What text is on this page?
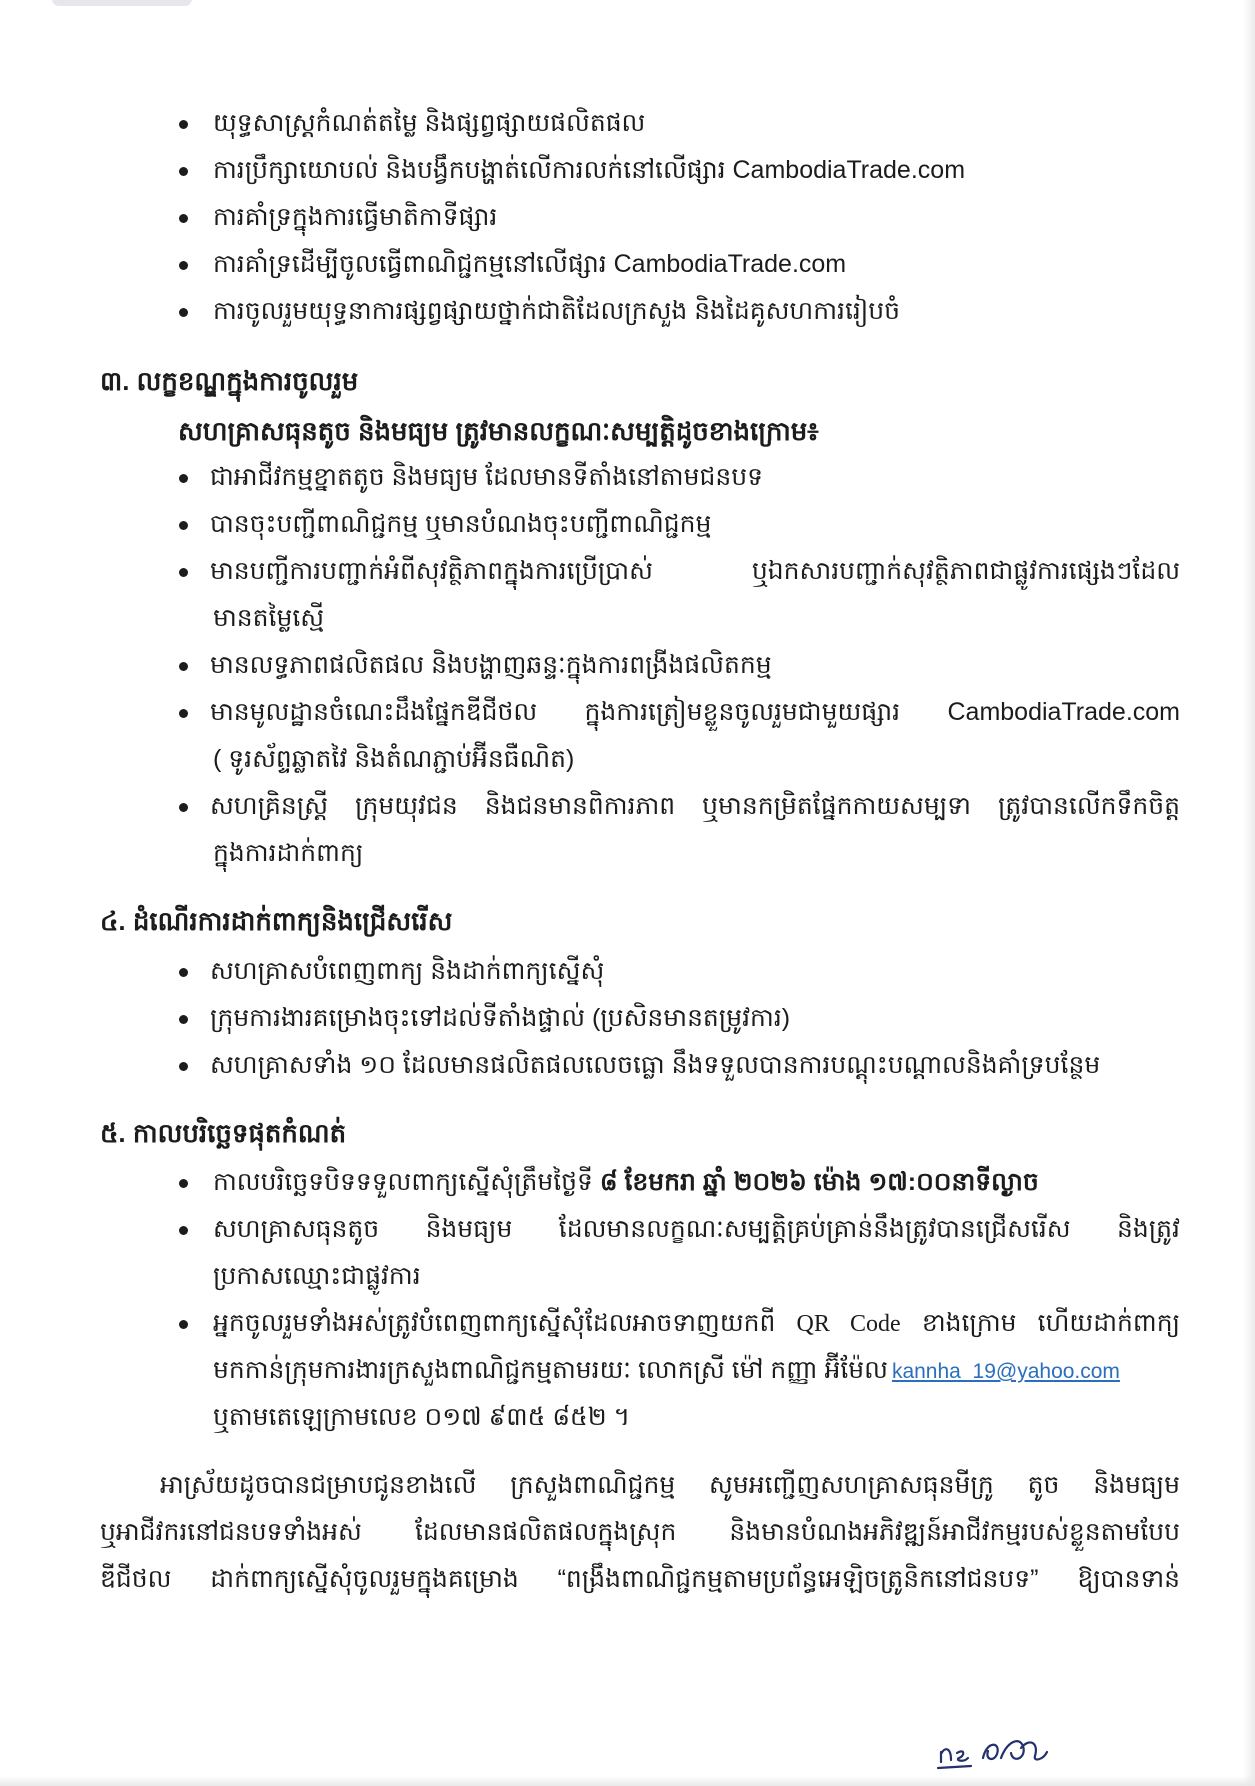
យុទ្ធសាស្ត្រកំណត់តម្លៃ និងផ្សព្វផ្សាយផលិតផល
ការប្រឹក្សាយោបល់ និងបង្វឹកបង្ហាត់លើការលក់នៅលើផ្សារ CambodiaTrade.com
ការគាំទ្រក្នុងការធ្វើមាតិកាទីផ្សារ
ការគាំទ្រដើម្បីចូលធ្វើពាណិជ្ជកម្មនៅលើផ្សារ CambodiaTrade.com
ការចូលរួមយុទ្ធនាការផ្សព្វផ្សាយថ្នាក់ជាតិដែលក្រសួង និងដៃគូសហការរៀបចំ
៣. លក្ខខណ្ឌក្នុងការចូលរួម
សហគ្រាសធុនតូច និងមធ្យម ត្រូវមានលក្ខណៈសម្បត្តិដូចខាងក្រោម៖
ជាអាជីវកម្មខ្នាតតូច និងមធ្យម ដែលមានទីតាំងនៅតាមជនបទ
បានចុះបញ្ជីពាណិជ្ជកម្ម ឬមានបំណងចុះបញ្ជីពាណិជ្ជកម្ម
មានបញ្ជីការបញ្ជាក់អំពីសុវត្ថិភាពក្នុងការប្រើប្រាស់ ឬឯកសារបញ្ជាក់សុវត្ថិភាពជាផ្លូវការផ្សេងៗដែល
មានតម្លៃស្មើ
មានលទ្ធភាពផលិតផល និងបង្ហាញឆន្ទៈក្នុងការពង្រីងផលិតកម្ម
មានមូលដ្ឋានចំណេះដឹងផ្នែកឌីជីថល ក្នុងការត្រៀមខ្លួនចូលរួមជាមួយផ្សារ CambodiaTrade.com
( ទូរស័ព្ទឆ្លាតវៃ និងតំណភ្ជាប់អ៊ីនធឺណិត)
សហគ្រិនស្ត្រី ក្រុមយុវជន និងជនមានពិការភាព ឬមានកម្រិតផ្នែកកាយសម្បទា ត្រូវបានលើកទឹកចិត្ត
ក្នុងការដាក់ពាក្យ
៤. ដំណើរការដាក់ពាក្យនិងជ្រើសរើស
សហគ្រាសបំពេញពាក្យ និងដាក់ពាក្យស្នើសុំ
ក្រុមការងារគម្រោងចុះទៅដល់ទីតាំងផ្ទាល់ (ប្រសិនមានតម្រូវការ)
សហគ្រាសទាំង ១០ ដែលមានផលិតផលលេចធ្លោ នឹងទទួលបានការបណ្តុះបណ្តាលនិងគាំទ្របន្ថែម
៥. កាលបរិច្ឆេទផុតកំណត់
កាលបរិច្ឆេទបិទទទួលពាក្យស្នើសុំត្រឹមថ្ងៃទី ៨ ខែមករា ឆ្នាំ ២០២៦ ម៉ោង ១៧:០០នាទីល្ងាច
សហគ្រាសធុនតូច និងមធ្យម ដែលមានលក្ខណៈសម្បត្តិគ្រប់គ្រាន់នឹងត្រូវបានជ្រើសរើស និងត្រូវ
ប្រកាសឈ្មោះជាផ្លូវការ
អ្នកចូលរួមទាំងអស់ត្រូវបំពេញពាក្យស្នើសុំដែលអាចទាញយកពី QR Code ខាងក្រោម ហើយដាក់ពាក្យ
មកកាន់ក្រុមការងារក្រសួងពាណិជ្ជកម្មតាមរយៈ លោកស្រី ម៉ៅ កញ្ញា អ៊ីម៉ែល kannha_19@yahoo.com
ឬតាមតេឡេក្រាមលេខ ០១៧ ៩៣៥ ៨៥២ ។
អាស្រ័យដូចបានជម្រាបជូនខាងលើ ក្រសួងពាណិជ្ជកម្ម សូមអញ្ជើញសហគ្រាសធុនមីក្រូ តូច និងមធ្យម
ឬអាជីវករនៅជនបទទាំងអស់ ដែលមានផលិតផលក្នុងស្រុក និងមានបំណងអភិវឌ្ឍន៍អាជីវកម្មរបស់ខ្លួនតាមបែប
ឌីជីថល ដាក់ពាក្យស្នើសុំចូលរួមក្នុងគម្រោង “ពង្រឹងពាណិជ្ជកម្មតាមប្រព័ន្ធអេឡិចត្រូនិកនៅជនបទ” ឱ្យបានទាន់
